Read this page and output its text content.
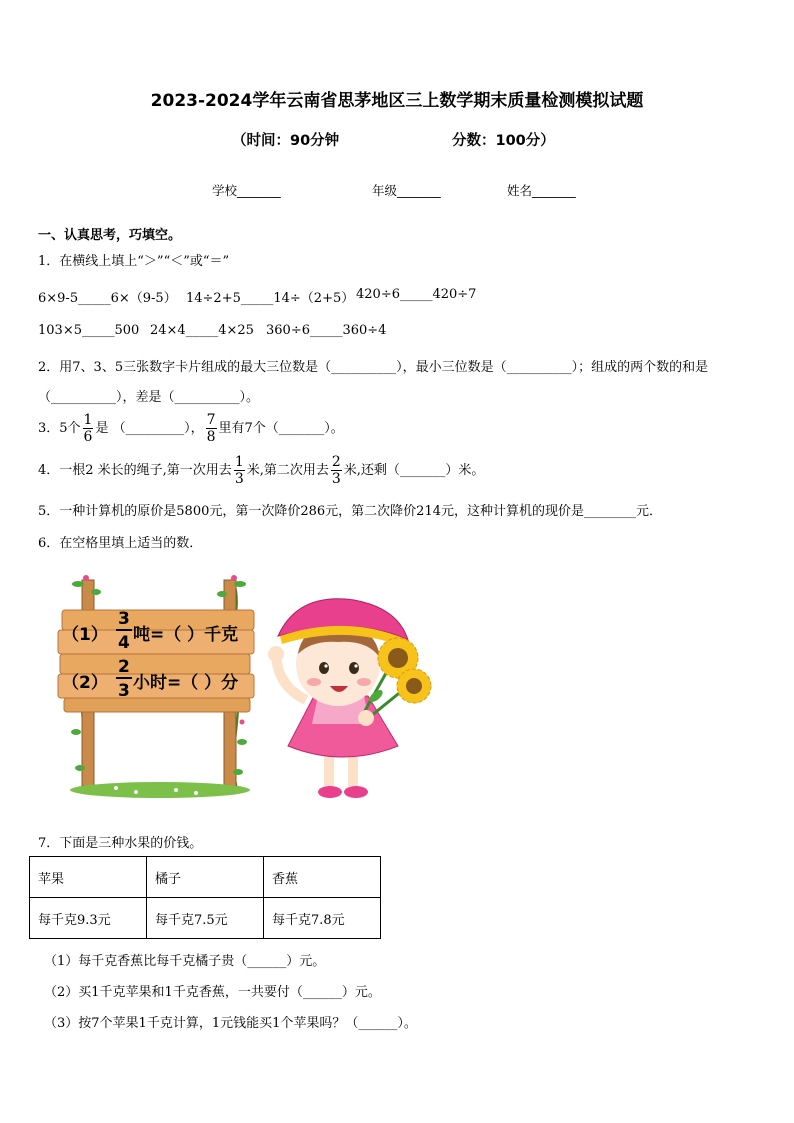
2023-2024学年云南省思茅地区三上数学期末质量检测模拟试题
（时间：90分钟	分数：100分）
学校_______	年级_______	姓名_______
一、认真思考，巧填空。
1．在横线上填上“＞”“＜”或“＝”
6×9-5_____6×（9-5） 14÷2+5_____14÷（2+5） 420÷6_____420÷7
103×5_____500 24×4_____4×25 360÷6_____360÷4
2．用7、3、5三张数字卡片组成的最大三位数是（__________），最小三位数是（__________）；组成的两个数的和是
（__________），差是（__________）。
3．5个 $\frac{1}{6}$ 是 （_________）， $\frac{7}{8}$ 里有7个（_______）。
4．一根2 米长的绳子,第一次用去 $\frac{1}{3}$ 米,第二次用去 $\frac{2}{3}$ 米,还剩（_______）米。
5．一种计算机的原价是5800元，第一次降价286元，第二次降价214元，这种计算机的现价是________元．
6．在空格里填上适当的数．
（1）
3
4 吨=（ ）千克
（2）
2
3 小时=（ ）分
7．下面是三种水果的价钱。
苹果	橘子	香蕉
每千克9.3元	每千克7.5元	每千克7.8元
（1）每千克香蕉比每千克橘子贵（______）元。
（2）买1千克苹果和1千克香蕉，一共要付（______）元。
（3）按7个苹果1千克计算，1元钱能买1个苹果吗？（______）。
